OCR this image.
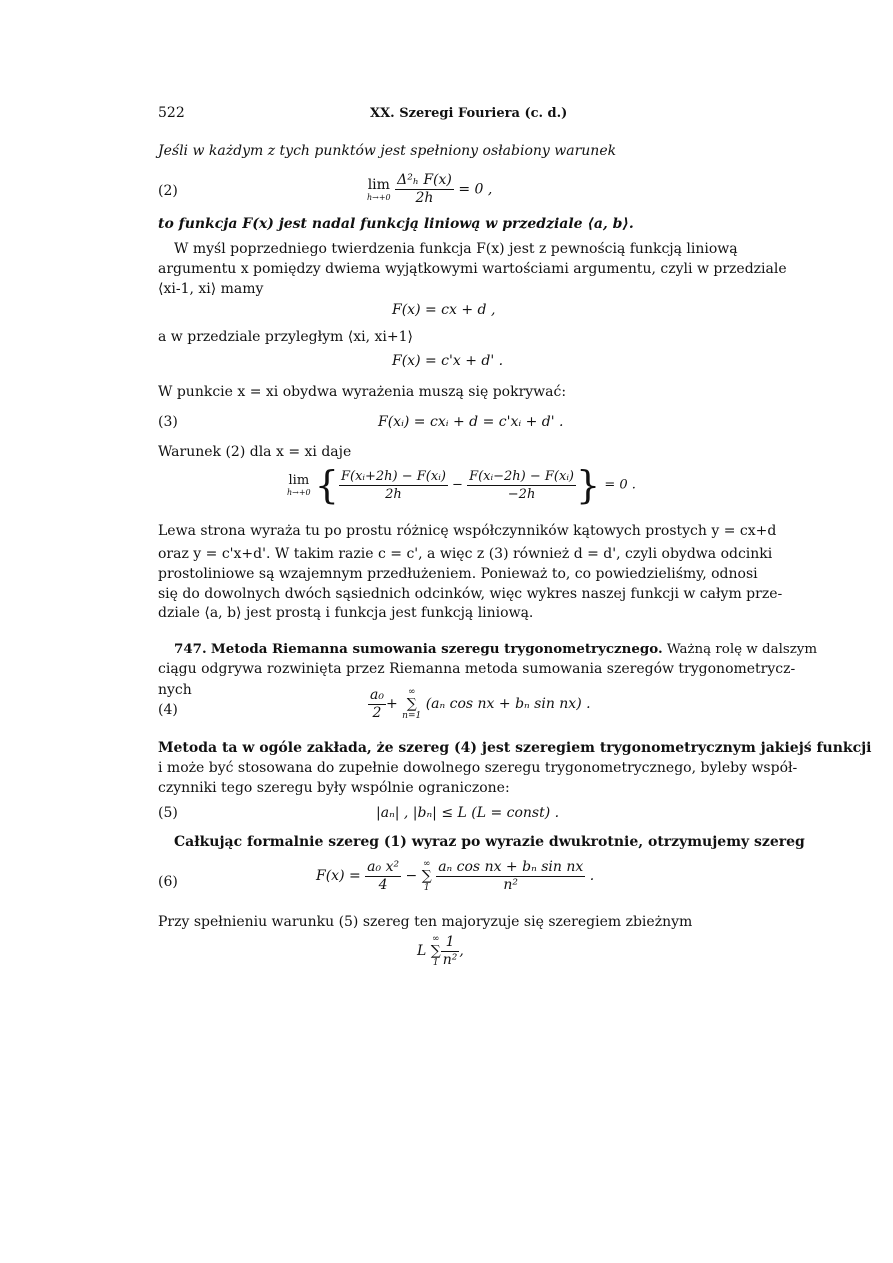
522	XX. Szeregi Fouriera (c. d.)
Jeśli w każdym z tych punktów jest spełniony osłabiony warunek
(2)	lim
h→+0
$\frac{\text{Δ²ₕ F(x)}}{2h} = 0$ ,
to funkcja F(x) jest nadal funkcją liniową w przedziale ⟨a, b⟩.
W myśl poprzedniego twierdzenia funkcja F(x) jest z pewnością funkcją liniową
argumentu x pomiędzy dwiema wyjątkowymi wartościami argumentu, czyli w przedziale
⟨xi-1, xi⟩ mamy
F(x) = cx + d ,
a w przedziale przyległym ⟨xi, xi+1⟩
F(x) = c'x + d' .
W punkcie x = xi obydwa wyrażenia muszą się pokrywać:
(3)	F(xᵢ) = cxᵢ + d = c'xᵢ + d' .
Warunek (2) dla x = xi daje
lim
h→+0 { $\frac{\text{F(xᵢ+2h) − F(xᵢ)}}{2h} - \frac{\text{F(xᵢ−2h) − F(xᵢ)}}{-2h}$ } = 0 .
Lewa strona wyraża tu po prostu różnicę współczynników kątowych prostych y = cx+d
oraz y = c'x+d'. W takim razie c = c', a więc z (3) również d = d', czyli obydwa odcinki
prostoliniowe są wzajemnym przedłużeniem. Ponieważ to, co powiedzieliśmy, odnosi
się do dowolnych dwóch sąsiednich odcinków, więc wykres naszej funkcji w całym prze-
dziale ⟨a, b⟩ jest prostą i funkcja jest funkcją liniową.
747. Metoda Riemanna sumowania szeregu trygonometrycznego. Ważną rolę w dalszym
ciągu odgrywa rozwinięta przez Riemanna metoda sumowania szeregów trygonometrycz-
nych
(4)	$\frac{\text{a₀}}{2}$ +
∞
∑
n=1
(aₙ cos nx + bₙ sin nx) .
Metoda ta w ogóle zakłada, że szereg (4) jest szeregiem trygonometrycznym jakiejś funkcji
i może być stosowana do zupełnie dowolnego szeregu trygonometrycznego, byleby współ-
czynniki tego szeregu były wspólnie ograniczone:
(5)	|aₙ| , |bₙ| ≤ L (L = const) .
Całkując formalnie szereg (1) wyraz po wyrazie dwukrotnie, otrzymujemy szereg
(6)	$F(x) = \frac{\text{a₀ x²}}{4}$ −
∞
∑
1
$\frac{\text{aₙ cos nx + bₙ sin nx}}{\text{n²}}$ .
Przy spełnieniu warunku (5) szereg ten majoryzuje się szeregiem zbieżnym
L
∞
∑
$1 \frac{1}{\text{n²}}$ ,
